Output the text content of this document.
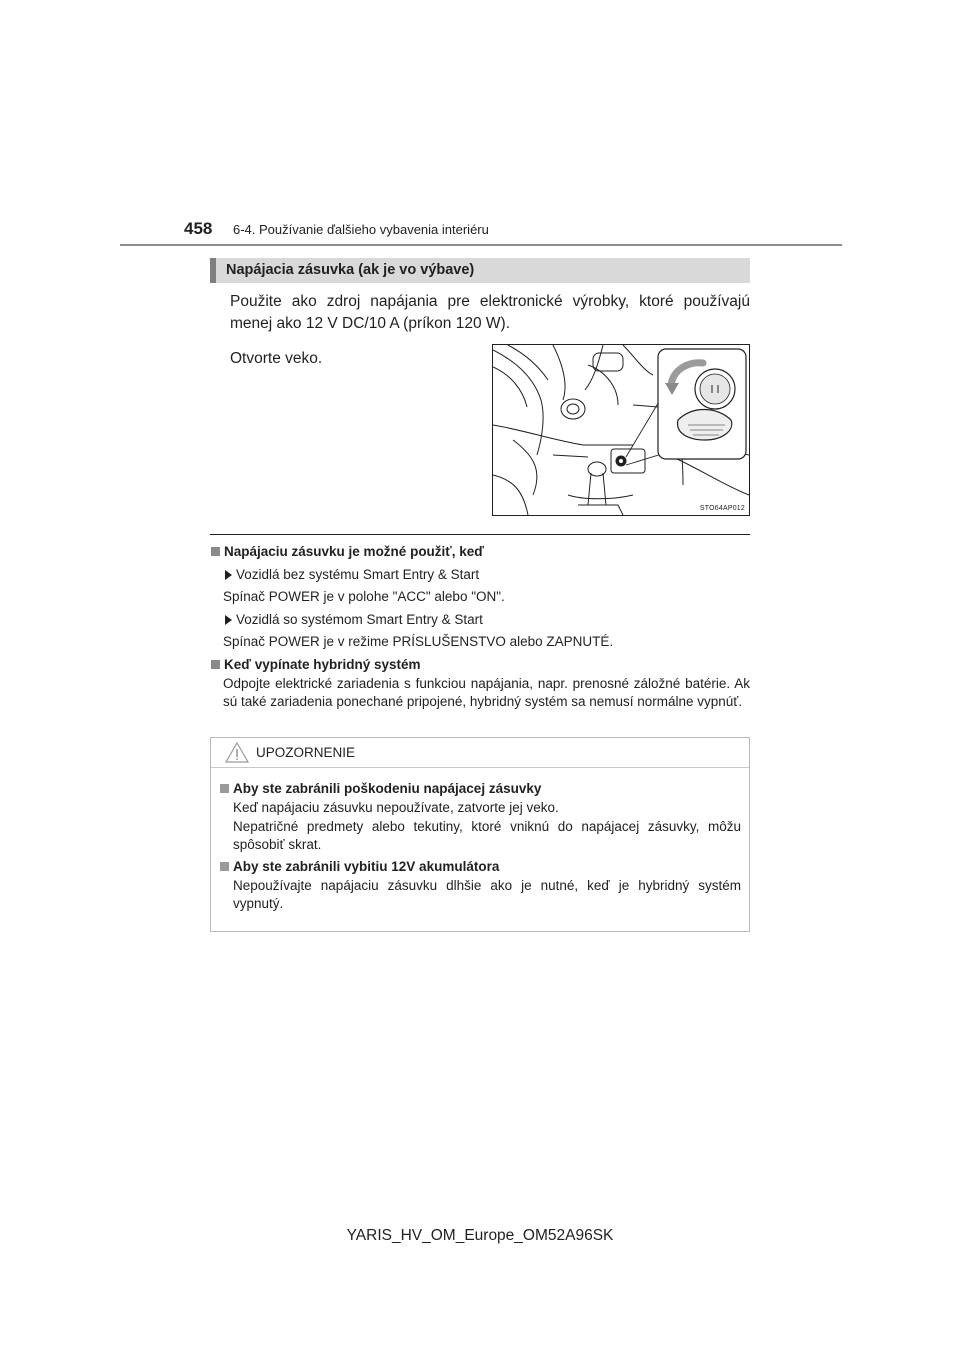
458 6-4. Používanie ďalšieho vybavenia interiéru
Napájacia zásuvka (ak je vo výbave)
Použite ako zdroj napájania pre elektronické výrobky, ktoré používajú menej ako 12 V DC/10 A (príkon 120 W).
Otvorte veko.
STO64AP012
Napájaciu zásuvku je možné použiť, keď
Vozidlá bez systému Smart Entry & Start
Spínač POWER je v polohe "ACC" alebo "ON".
Vozidlá so systémom Smart Entry & Start
Spínač POWER je v režime PRÍSLUŠENSTVO alebo ZAPNUTÉ.
Keď vypínate hybridný systém
Odpojte elektrické zariadenia s funkciou napájania, napr. prenosné záložné batérie. Ak sú také zariadenia ponechané pripojené, hybridný systém sa nemusí normálne vypnúť.
UPOZORNENIE
Aby ste zabránili poškodeniu napájacej zásuvky
Keď napájaciu zásuvku nepoužívate, zatvorte jej veko.
Nepatričné predmety alebo tekutiny, ktoré vniknú do napájacej zásuvky, môžu spôsobiť skrat.
Aby ste zabránili vybitiu 12V akumulátora
Nepoužívajte napájaciu zásuvku dlhšie ako je nutné, keď je hybridný systém vypnutý.
YARIS_HV_OM_Europe_OM52A96SK
